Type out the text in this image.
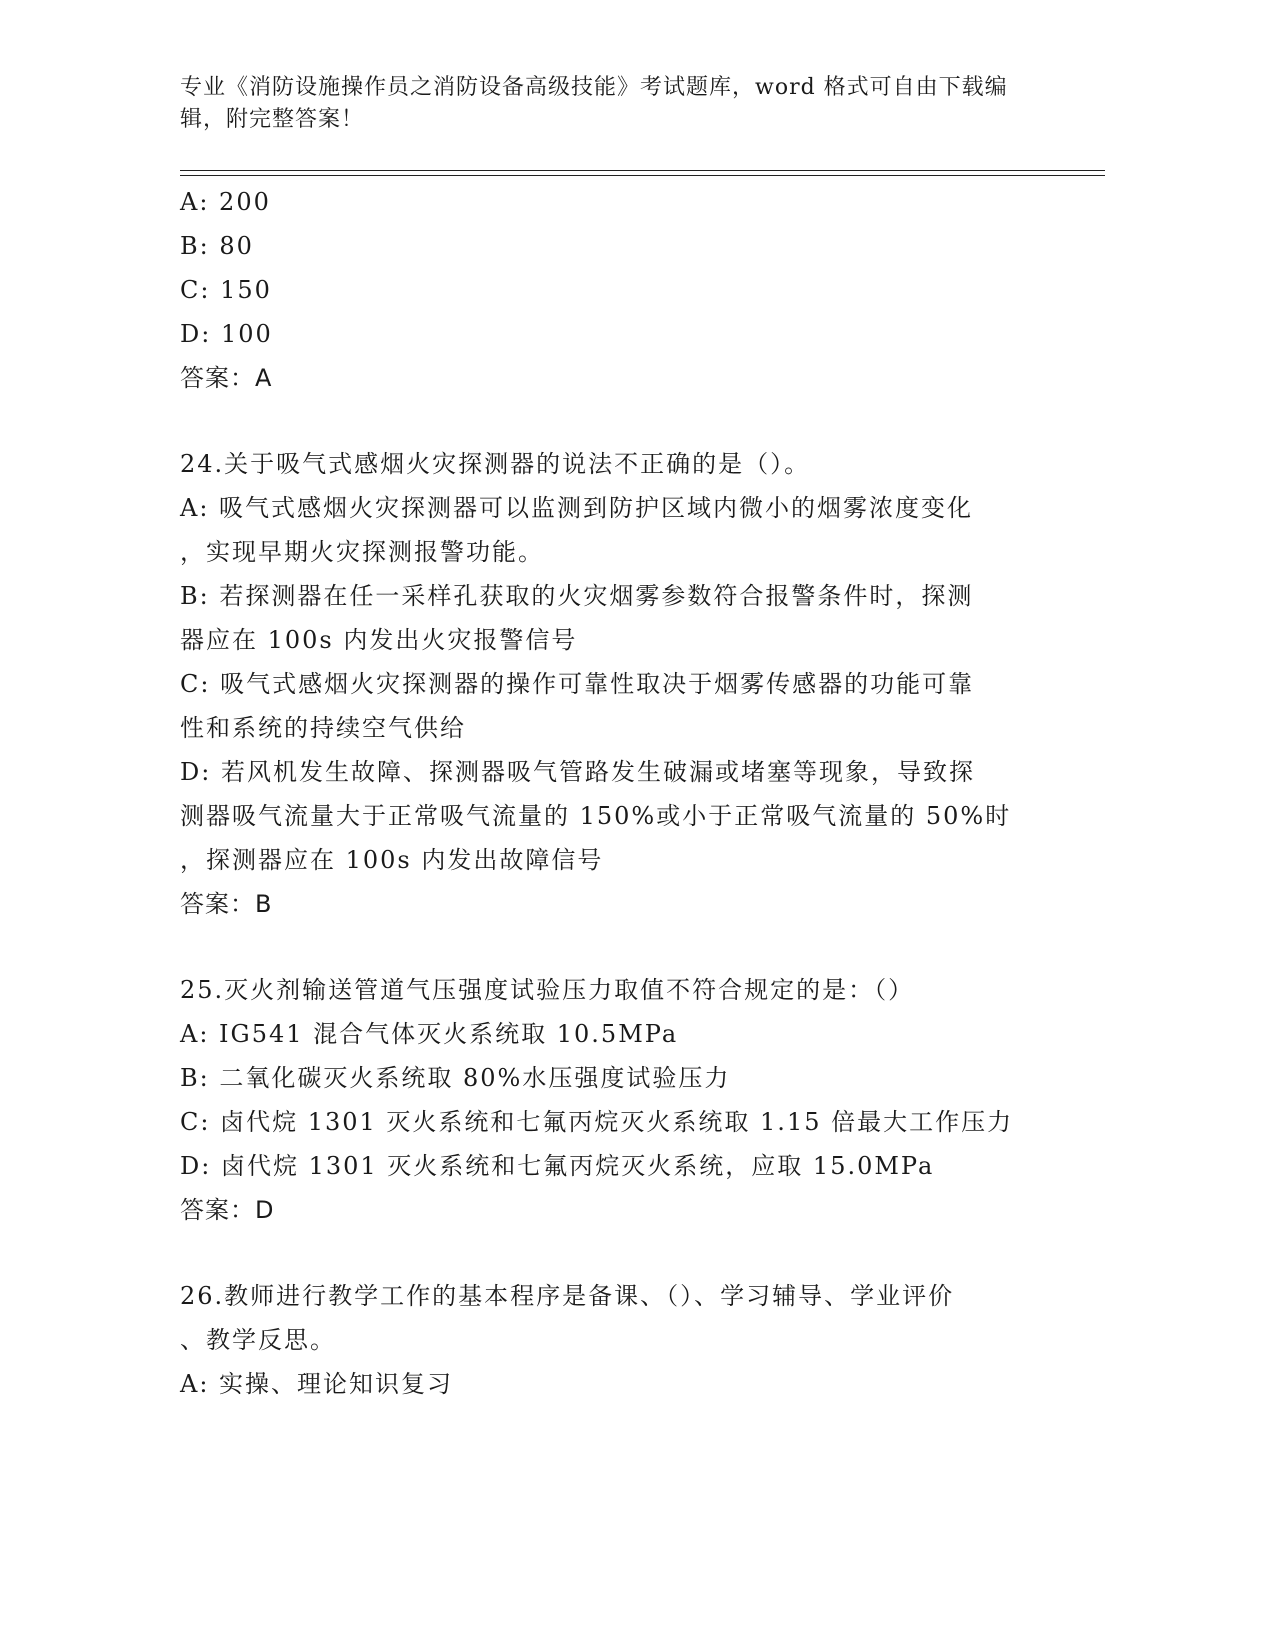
专业《消防设施操作员之消防设备高级技能》考试题库，word 格式可自由下载编
辑，附完整答案！
A: 200
B: 80
C: 150
D: 100
答案：A
24.关于吸气式感烟火灾探测器的说法不正确的是（）。
A: 吸气式感烟火灾探测器可以监测到防护区域内微小的烟雾浓度变化
，实现早期火灾探测报警功能。
B: 若探测器在任一采样孔获取的火灾烟雾参数符合报警条件时，探测
器应在 100s 内发出火灾报警信号
C: 吸气式感烟火灾探测器的操作可靠性取决于烟雾传感器的功能可靠
性和系统的持续空气供给
D: 若风机发生故障、探测器吸气管路发生破漏或堵塞等现象，导致探
测器吸气流量大于正常吸气流量的 150%或小于正常吸气流量的 50%时
，探测器应在 100s 内发出故障信号
答案：B
25.灭火剂输送管道气压强度试验压力取值不符合规定的是：（）
A: IG541 混合气体灭火系统取 10.5MPa
B: 二氧化碳灭火系统取 80%水压强度试验压力
C: 卤代烷 1301 灭火系统和七氟丙烷灭火系统取 1.15 倍最大工作压力
D: 卤代烷 1301 灭火系统和七氟丙烷灭火系统，应取 15.0MPa
答案：D
26.教师进行教学工作的基本程序是备课、（）、学习辅导、学业评价
、教学反思。
A: 实操、理论知识复习
